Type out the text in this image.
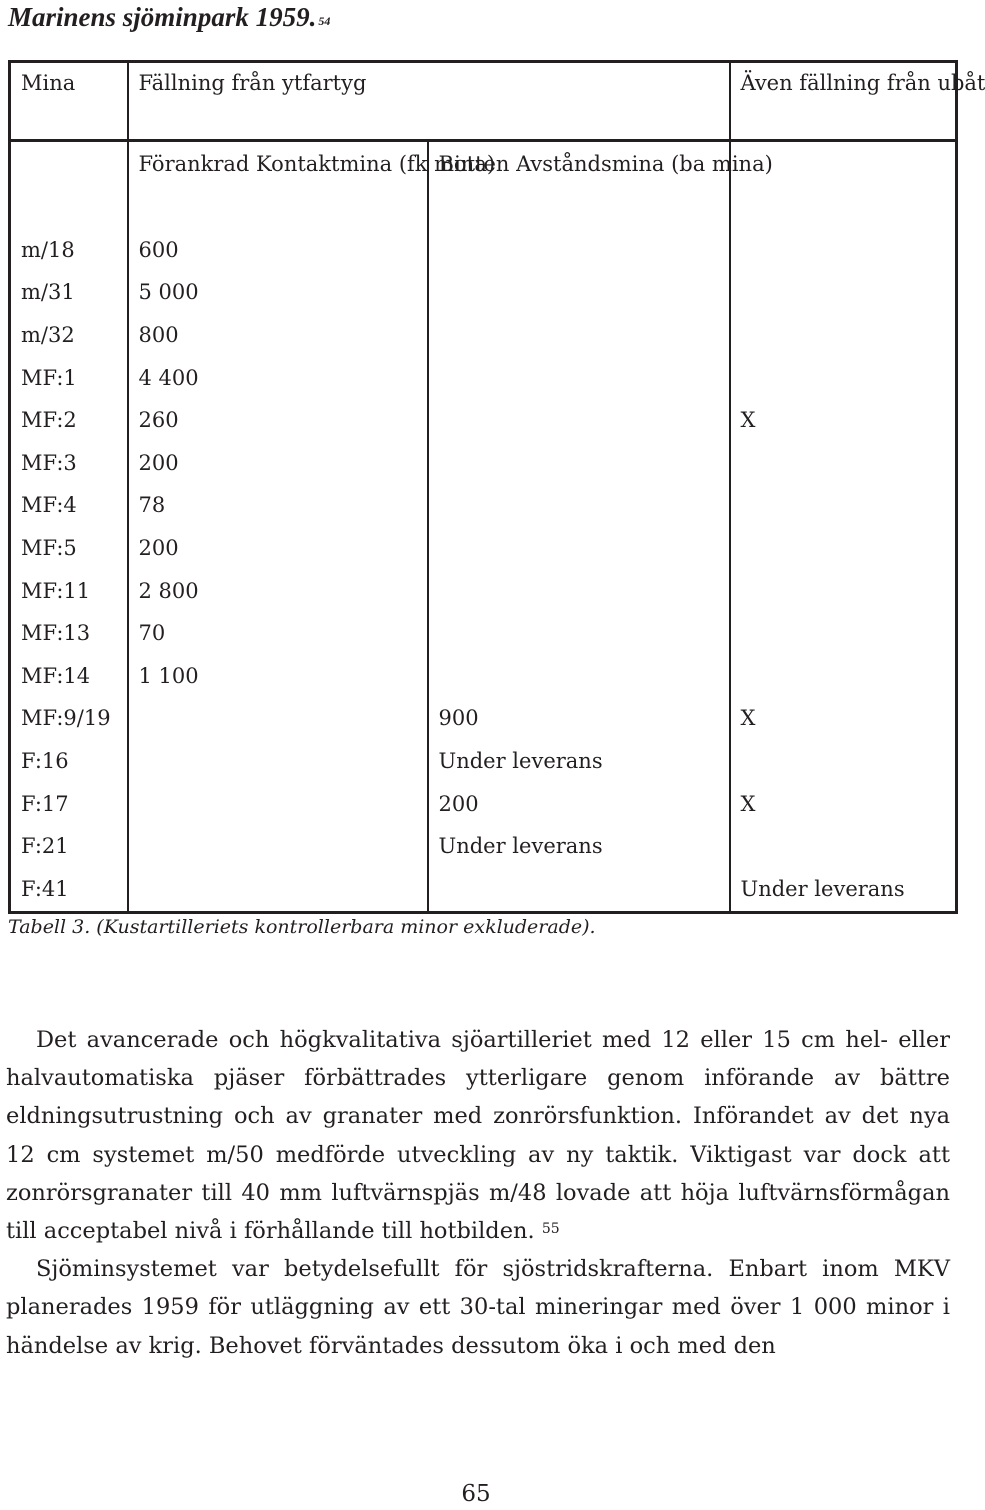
Marinens sjöminpark 1959. $^{54}$
Mina	Fällning från ytfartyg		Även fällning från ubåt
	Förankrad Kontaktmina (fk mina)	Botten Avståndsmina (ba mina)	
m/18	600		
m/31	5 000		
m/32	800		
MF:1	4 400		
MF:2	260		X
MF:3	200		
MF:4	78		
MF:5	200		
MF:11	2 800		
MF:13	70		
MF:14	1 100		
MF:9/19		900	X
F:16		Under leverans	
F:17		200	X
F:21		Under leverans	
F:41			Under leverans
Tabell 3. (Kustartilleriets kontrollerbara minor exkluderade).

Det avancerade och högkvalitativa sjöartilleriet med 12 eller 15 cm hel- eller halvautomatiska pjäser förbättrades ytterligare genom införande av bättre eldningsutrustning och av granater med zonrörsfunktion. Införandet av det nya 12 cm systemet m/50 medförde utveckling av ny taktik. Viktigast var dock att zonrörsgranater till 40 mm luftvärnspjäs m/48 lovade att höja luftvärnsförmågan till acceptabel nivå i förhållande till hotbilden. $^{55}$

Sjöminsystemet var betydelsefullt för sjöstridskrafterna. Enbart inom MKV planerades 1959 för utläggning av ett 30-tal mineringar med över 1 000 minor i händelse av krig. Behovet förväntades dessutom öka i och med den

65
